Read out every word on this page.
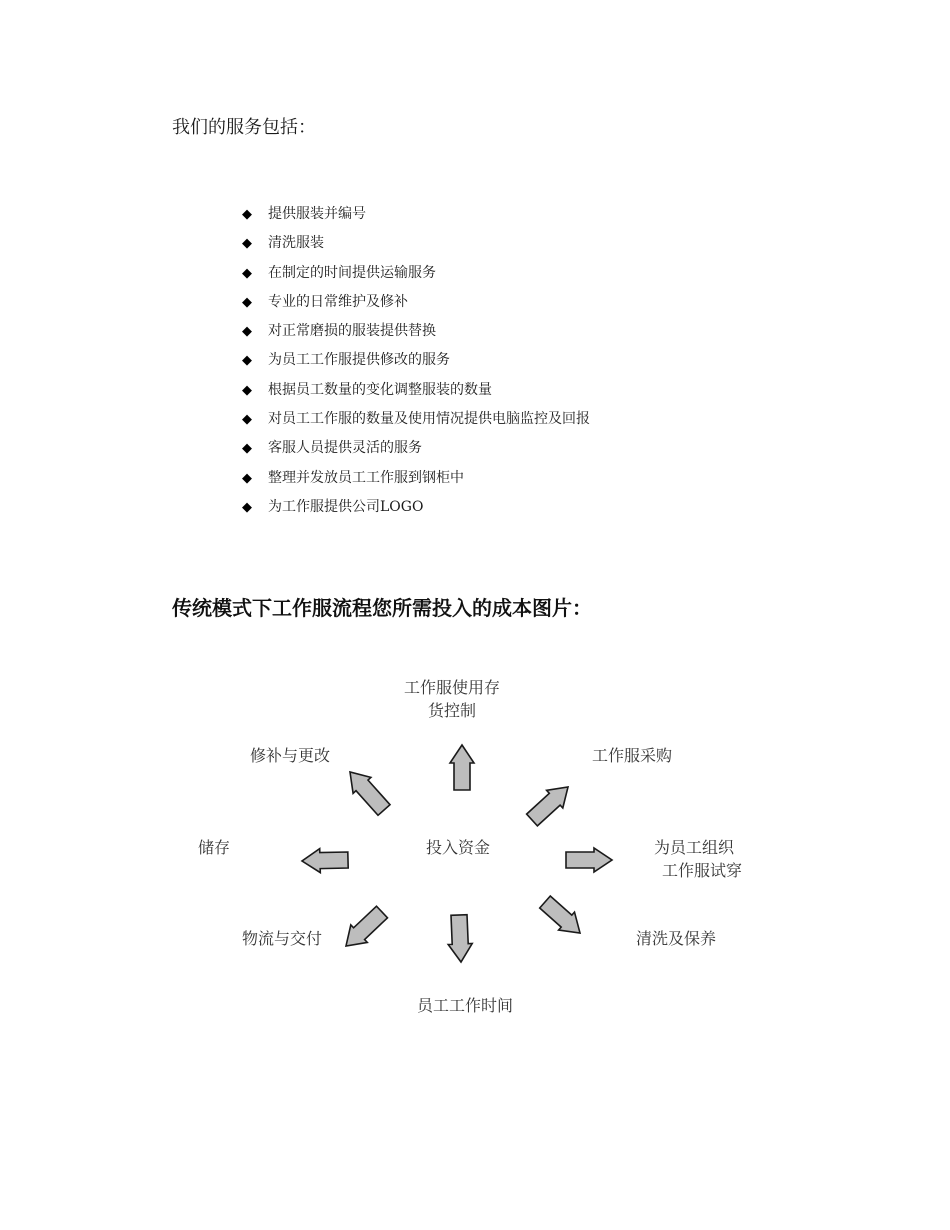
我们的服务包括：

◆ 提供服装并编号
◆ 清洗服装
◆ 在制定的时间提供运输服务
◆ 专业的日常维护及修补
◆ 对正常磨损的服装提供替换
◆ 为员工工作服提供修改的服务
◆ 根据员工数量的变化调整服装的数量
◆ 对员工工作服的数量及使用情况提供电脑监控及回报
◆ 客服人员提供灵活的服务
◆ 整理并发放员工工作服到钢柜中
◆ 为工作服提供公司LOGO
传统模式下工作服流程您所需投入的成本图片：
投入资金
工作服使用存
货控制
工作服采购
为员工组织
工作服试穿
清洗及保养
员工工作时间
物流与交付
储存
修补与更改
